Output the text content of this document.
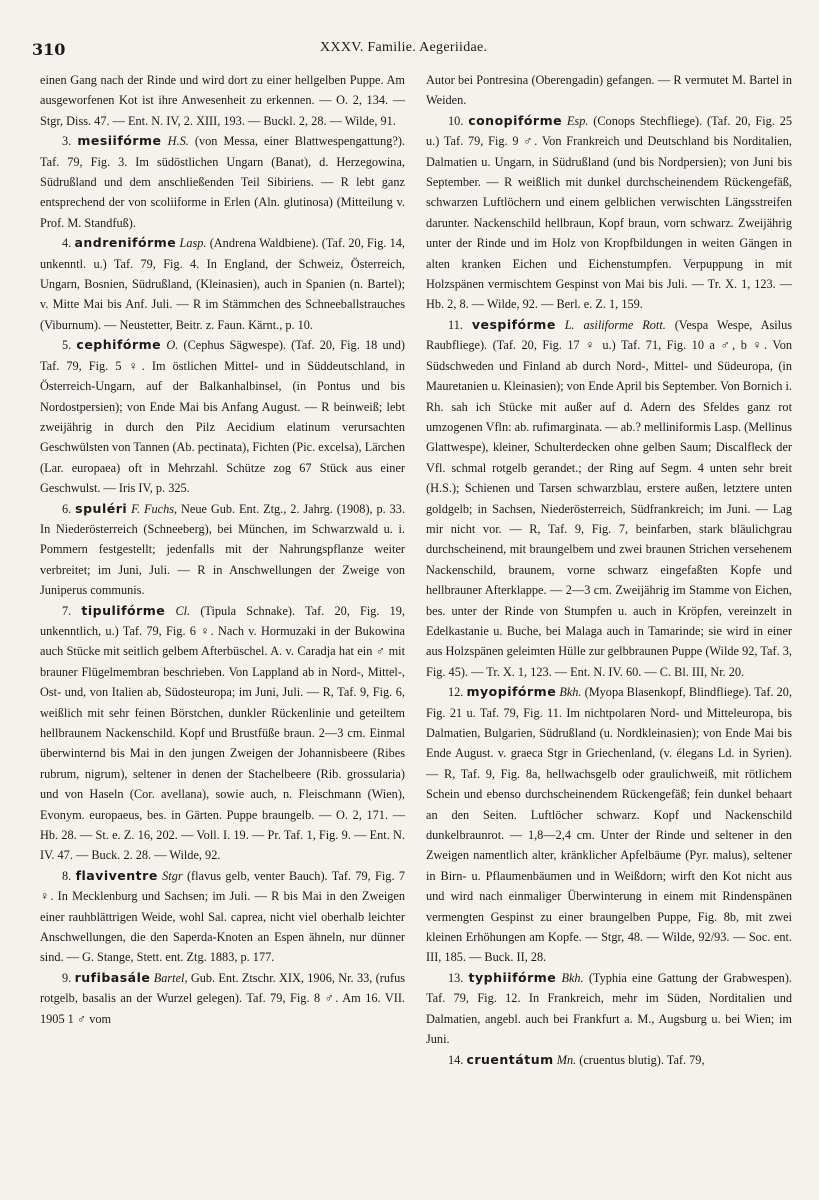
310	XXXV. Familie. Aegeriidae.

einen Gang nach der Rinde und wird dort zu einer hellgelben Puppe. Am ausgeworfenen Kot ist ihre Anwesenheit zu erkennen. — O. 2, 134. — Stgr, Diss. 47. — Ent. N. IV, 2. XIII, 193. — Buckl. 2, 28. — Wilde, 91.

3. mesiifórme H.S. (von Messa, einer Blattwespengattung?). Taf. 79, Fig. 3. Im südöstlichen Ungarn (Banat), d. Herzegowina, Südrußland und dem anschließenden Teil Sibiriens. — R lebt ganz entsprechend der von scoliiforme in Erlen (Aln. glutinosa) (Mitteilung v. Prof. M. Standfuß).

4. andrenifórme Lasp. (Andrena Waldbiene). (Taf. 20, Fig. 14, unkenntl. u.) Taf. 79, Fig. 4. In England, der Schweiz, Österreich, Ungarn, Bosnien, Südrußland, (Kleinasien), auch in Spanien (n. Bartel); v. Mitte Mai bis Anf. Juli. — R im Stämmchen des Schneeballstrauches (Viburnum). — Neustetter, Beitr. z. Faun. Kärnt., p. 10.

5. cephifórme O. (Cephus Sägwespe). (Taf. 20, Fig. 18 und) Taf. 79, Fig. 5 ♀. Im östlichen Mittel- und in Süddeutschland, in Österreich-Ungarn, auf der Balkanhalbinsel, (in Pontus und bis Nordostpersien); von Ende Mai bis Anfang August. — R beinweiß; lebt zweijährig in durch den Pilz Aecidium elatinum verursachten Geschwülsten von Tannen (Ab. pectinata), Fichten (Pic. excelsa), Lärchen (Lar. europaea) oft in Mehrzahl. Schütze zog 67 Stück aus einer Geschwulst. — Iris IV, p. 325.

6. spuléri F. Fuchs, Neue Gub. Ent. Ztg., 2. Jahrg. (1908), p. 33. In Niederösterreich (Schneeberg), bei München, im Schwarzwald u. i. Pommern festgestellt; jedenfalls mit der Nahrungspflanze weiter verbreitet; im Juni, Juli. — R in Anschwellungen der Zweige von Juniperus communis.

7. tipulifórme Cl. (Tipula Schnake). Taf. 20, Fig. 19, unkenntlich, u.) Taf. 79, Fig. 6 ♀. Nach v. Hormuzaki in der Bukowina auch Stücke mit seitlich gelbem Afterbüschel. A. v. Caradja hat ein ♂ mit brauner Flügelmembran beschrieben. Von Lappland ab in Nord-, Mittel-, Ost- und, von Italien ab, Südosteuropa; im Juni, Juli. — R, Taf. 9, Fig. 6, weißlich mit sehr feinen Börstchen, dunkler Rückenlinie und geteiltem hellbraunem Nackenschild. Kopf und Brustfüße braun. 2—3 cm. Einmal überwinternd bis Mai in den jungen Zweigen der Johannisbeere (Ribes rubrum, nigrum), seltener in denen der Stachelbeere (Rib. grossularia) und von Haseln (Cor. avellana), sowie auch, n. Fleischmann (Wien), Evonym. europaeus, bes. in Gärten. Puppe braungelb. — O. 2, 171. — Hb. 28. — St. e. Z. 16, 202. — Voll. I. 19. — Pr. Taf. 1, Fig. 9. — Ent. N. IV. 47. — Buck. 2. 28. — Wilde, 92.

8. flaviventre Stgr (flavus gelb, venter Bauch). Taf. 79, Fig. 7 ♀. In Mecklenburg und Sachsen; im Juli. — R bis Mai in den Zweigen einer rauhblättrigen Weide, wohl Sal. caprea, nicht viel oberhalb leichter Anschwellungen, die den Saperda-Knoten an Espen ähneln, nur dünner sind. — G. Stange, Stett. ent. Ztg. 1883, p. 177.

9. rufibasále Bartel, Gub. Ent. Ztschr. XIX, 1906, Nr. 33, (rufus rotgelb, basalis an der Wurzel gelegen). Taf. 79, Fig. 8 ♂. Am 16. VII. 1905 1 ♂ vom

Autor bei Pontresina (Oberengadin) gefangen. — R vermutet M. Bartel in Weiden.

10. conopifórme Esp. (Conops Stechfliege). (Taf. 20, Fig. 25 u.) Taf. 79, Fig. 9 ♂. Von Frankreich und Deutschland bis Norditalien, Dalmatien u. Ungarn, in Südrußland (und bis Nordpersien); von Juni bis September. — R weißlich mit dunkel durchscheinendem Rückengefäß, schwarzen Luftlöchern und einem gelblichen verwischten Längsstreifen darunter. Nackenschild hellbraun, Kopf braun, vorn schwarz. Zweijährig unter der Rinde und im Holz von Kropfbildungen in weiten Gängen in alten kranken Eichen und Eichenstumpfen. Verpuppung in mit Holzspänen vermischtem Gespinst von Mai bis Juli. — Tr. X. 1, 123. — Hb. 2, 8. — Wilde, 92. — Berl. e. Z. 1, 159.

11. vespifórme L. asiliforme Rott. (Vespa Wespe, Asilus Raubfliege). (Taf. 20, Fig. 17 ♀ u.) Taf. 71, Fig. 10 a ♂, b ♀. Von Südschweden und Finland ab durch Nord-, Mittel- und Südeuropa, (in Mauretanien u. Kleinasien); von Ende April bis September. Von Bornich i. Rh. sah ich Stücke mit außer auf d. Adern des Sfeldes ganz rot umzogenen Vfln: ab. rufimarginata. — ab.? melliniformis Lasp. (Mellinus Glattwespe), kleiner, Schulterdecken ohne gelben Saum; Discalfleck der Vfl. schmal rotgelb gerandet.; der Ring auf Segm. 4 unten sehr breit (H.S.); Schienen und Tarsen schwarzblau, erstere außen, letztere unten goldgelb; in Sachsen, Niederösterreich, Südfrankreich; im Juni. — Lag mir nicht vor. — R, Taf. 9, Fig. 7, beinfarben, stark bläulichgrau durchscheinend, mit braungelbem und zwei braunen Strichen versehenem Nackenschild, braunem, vorne schwarz eingefaßten Kopfe und hellbrauner Afterklappe. — 2—3 cm. Zweijährig im Stamme von Eichen, bes. unter der Rinde von Stumpfen u. auch in Kröpfen, vereinzelt in Edelkastanie u. Buche, bei Malaga auch in Tamarinde; sie wird in einer aus Holzspänen geleimten Hülle zur gelbbraunen Puppe (Wilde 92, Taf. 3, Fig. 45). — Tr. X. 1, 123. — Ent. N. IV. 60. — C. Bl. III, Nr. 20.

12. myopifórme Bkh. (Myopa Blasenkopf, Blindfliege). Taf. 20, Fig. 21 u. Taf. 79, Fig. 11. Im nichtpolaren Nord- und Mitteleuropa, bis Dalmatien, Bulgarien, Südrußland (u. Nordkleinasien); von Ende Mai bis Ende August. v. graeca Stgr in Griechenland, (v. élegans Ld. in Syrien). — R, Taf. 9, Fig. 8a, hellwachsgelb oder graulichweiß, mit rötlichem Schein und ebenso durchscheinendem Rückengefäß; fein dunkel behaart an den Seiten. Luftlöcher schwarz. Kopf und Nackenschild dunkelbraunrot. — 1,8—2,4 cm. Unter der Rinde und seltener in den Zweigen namentlich alter, kränklicher Apfelbäume (Pyr. malus), seltener in Birn- u. Pflaumenbäumen und in Weißdorn; wirft den Kot nicht aus und wird nach einmaliger Überwinterung in einem mit Rindenspänen vermengten Gespinst zu einer braungelben Puppe, Fig. 8b, mit zwei kleinen Erhöhungen am Kopfe. — Stgr, 48. — Wilde, 92/93. — Soc. ent. III, 185. — Buck. II, 28.

13. typhiifórme Bkh. (Typhia eine Gattung der Grabwespen). Taf. 79, Fig. 12. In Frankreich, mehr im Süden, Norditalien und Dalmatien, angebl. auch bei Frankfurt a. M., Augsburg u. bei Wien; im Juni.

14. cruentátum Mn. (cruentus blutig). Taf. 79,
